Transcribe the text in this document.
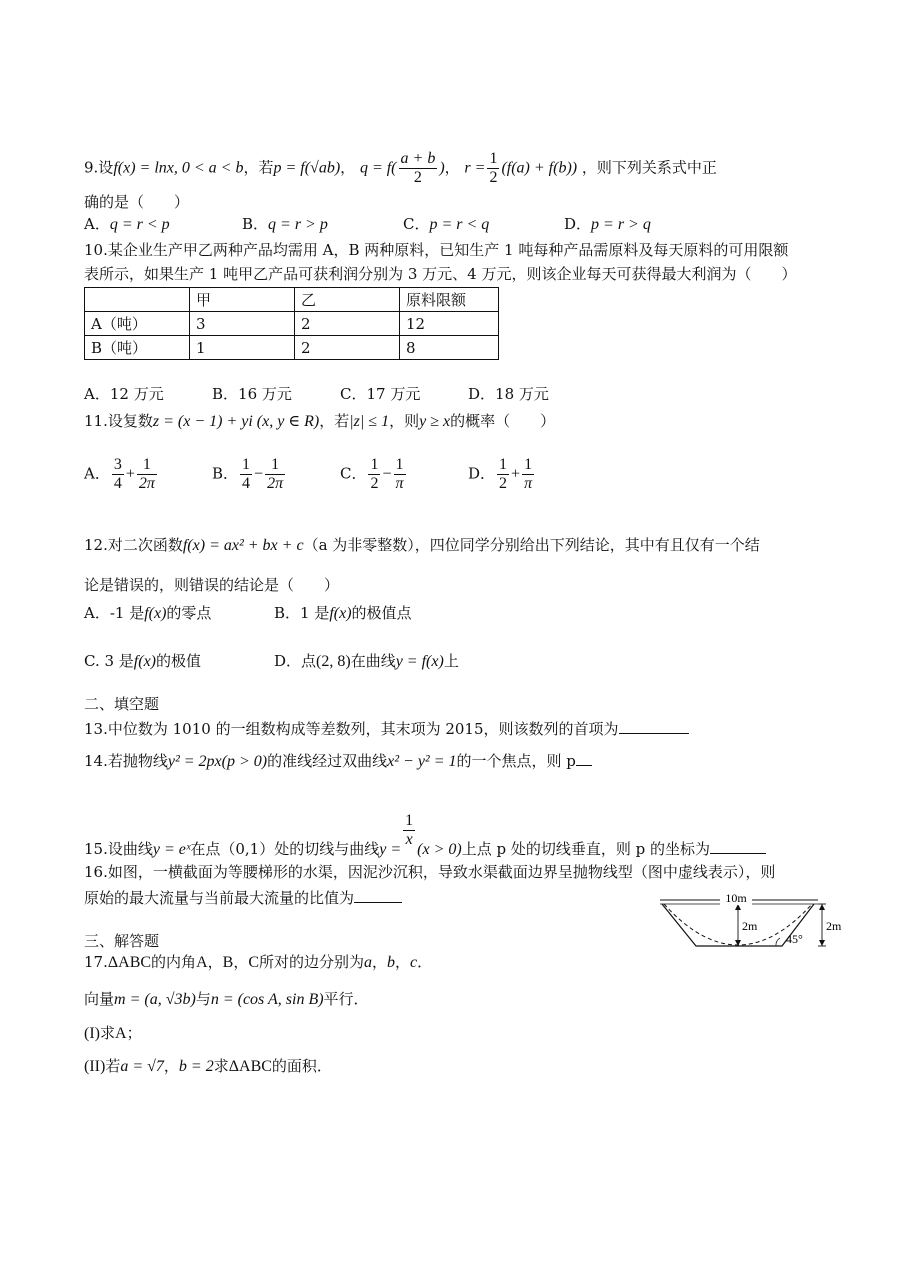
9.设f(x) = lnx, 0 < a < b，若p = f(√ab)， $q = f( \frac{a + b}{2}$ )， $r = \frac{1}{2} (f(a) + f(b))$ ，则下列关系式中正
确的是（　　）
A．q = r < p	B．q = r > p	C．p = r < q	D．p = r > q
10.某企业生产甲乙两种产品均需用 A，B 两种原料，已知生产 1 吨每种产品需原料及每天原料的可用限额
表所示，如果生产 1 吨甲乙产品可获利润分别为 3 万元、4 万元，则该企业每天可获得最大利润为（　　）
	甲	乙	原料限额
A（吨）	3	2	12
B（吨）	1	2	8
A．12 万元	B．16 万元	C．17 万元	D．18 万元
11.设复数z = (x − 1) + yi (x, y ∈ R)，若|z| ≤ 1，则y ≥ x的概率（　　）
A． $\frac{3}{4} + \frac{1}{2\pi}$	B． $\frac{1}{4} - \frac{1}{2\pi}$	C． $\frac{1}{2} - \frac{1}{\pi}$	D． $\frac{1}{2} + \frac{1}{\pi}$
12.对二次函数f(x) = ax² + bx + c（a 为非零整数），四位同学分别给出下列结论，其中有且仅有一个结
论是错误的，则错误的结论是（　　）
A．-1 是f(x)的零点	B．1 是f(x)的极值点
C. 3 是f(x)的极值	D．点(2, 8)在曲线y = f(x)上
二、填空题
13.中位数为 1010 的一组数构成等差数列，其末项为 2015，则该数列的首项为
14.若抛物线y² = 2px(p > 0)的准线经过双曲线x² − y² = 1的一个焦点，则 p
15.设曲线y = eˣ在点（0,1）处的切线与曲线y =
$\frac{1}{x}$
(x > 0)上点 p 处的切线垂直，则 p 的坐标为
16.如图，一横截面为等腰梯形的水渠，因泥沙沉积，导致水渠截面边界呈抛物线型（图中虚线表示），则
原始的最大流量与当前最大流量的比值为	10m
2m	2m
45°
三、解答题
17.ΔABC的内角A，B，C所对的边分别为a，b，c．
向量m = (a, √3b)与n = (cos A, sin B)平行．
(I)求A；
(II)若a = √7，b = 2求ΔABC的面积．
